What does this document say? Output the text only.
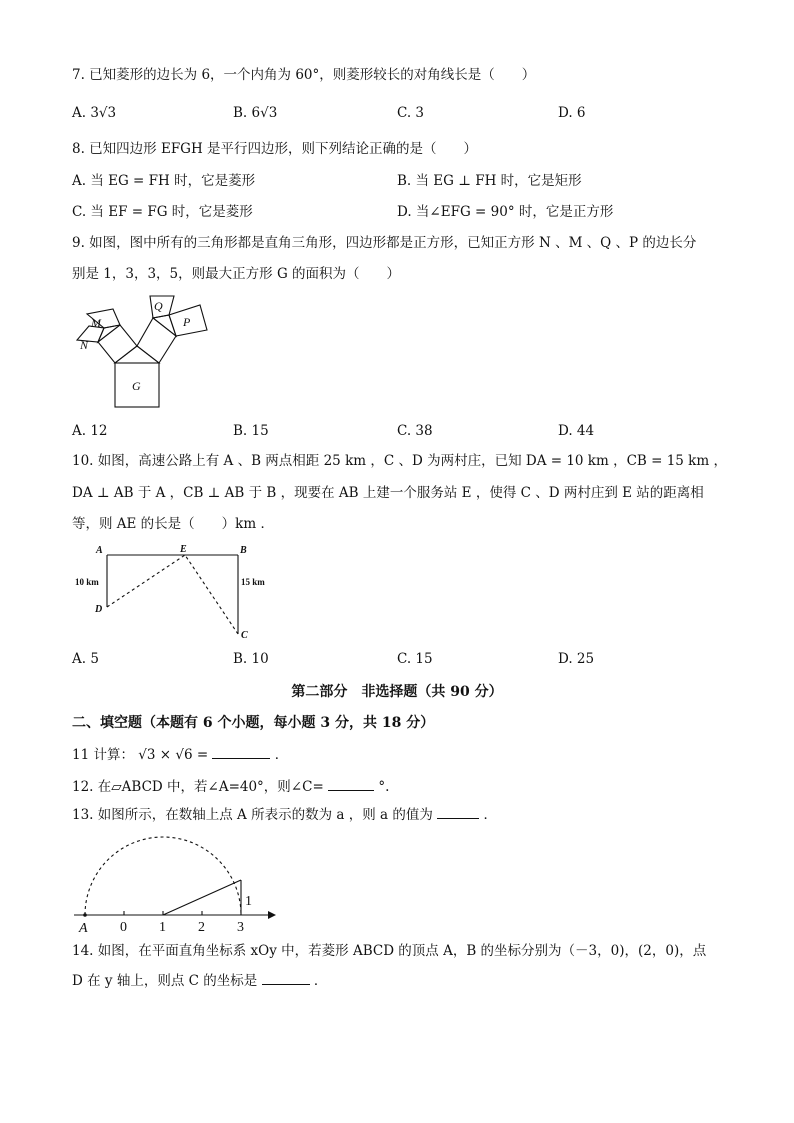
7. 已知菱形的边长为 6，一个内角为 60°，则菱形较长的对角线长是（　　）
A. 3√3	B. 6√3	C. 3	D. 6
8. 已知四边形 EFGH 是平行四边形，则下列结论正确的是（　　）
A. 当 EG = FH 时，它是菱形	B. 当 EG ⊥ FH 时，它是矩形
C. 当 EF = FG 时，它是菱形	D. 当∠EFG = 90° 时，它是正方形
9. 如图，图中所有的三角形都是直角三角形，四边形都是正方形，已知正方形 N 、M 、Q 、P 的边长分
别是 1，3，3，5，则最大正方形 G 的面积为（　　）
M
N
Q
P
G
A. 12	B. 15	C. 38	D. 44
10. 如图，高速公路上有 A 、B 两点相距 25 km ，C 、D 为两村庄，已知 DA = 10 km ，CB = 15 km ，
DA ⊥ AB 于 A ，CB ⊥ AB 于 B ，现要在 AB 上建一个服务站 E ，使得 C 、D 两村庄到 E 站的距离相
等，则 AE 的长是（　　）km ．
A	E	B
D
C
10 km	15 km
A. 5	B. 10	C. 15	D. 25
第二部分　非选择题（共 90 分）
二、填空题（本题有 6 个小题，每小题 3 分，共 18 分）
11 计算： √3 × √6 =	．
12. 在▱ABCD 中，若∠A=40°，则∠C=	°.
13. 如图所示，在数轴上点 A 所表示的数为 a ，则 a 的值为	．
A 0 1 2 3
1
14. 如图，在平面直角坐标系 xOy 中，若菱形 ABCD 的顶点 A，B 的坐标分别为（－3，0)，(2，0)，点
D 在 y 轴上，则点 C 的坐标是	．
